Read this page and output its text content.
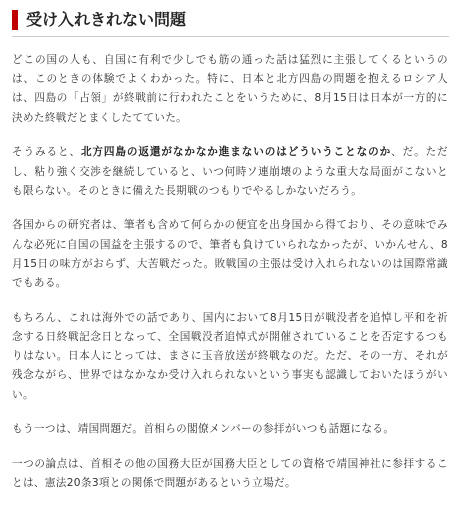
受け入れきれない問題

どこの国の人も、自国に有利で少しでも筋の通った話は猛烈に主張してくるというのは、このときの体験でよくわかった。特に、日本と北方四島の問題を抱えるロシア人は、四島の「占領」が終戦前に行われたことをいうために、8月15日は日本が一方的に決めた終戦だとまくしたてていた。

そうみると、北方四島の返還がなかなか進まないのはどういうことなのか、だ。ただし、粘り強く交渉を継続していると、いつ何時ソ連崩壊のような重大な局面がこないとも限らない。そのときに備えた長期戦のつもりでやるしかないだろう。

各国からの研究者は、筆者も含めて何らかの便宜を出身国から得ており、その意味でみんな必死に自国の国益を主張するので、筆者も負けていられなかったが、いかんせん、8月15日の味方がおらず、大苦戦だった。敗戦国の主張は受け入れられないのは国際常識でもある。

もちろん、これは海外での話であり、国内において8月15日が戦没者を追悼し平和を祈念する日終戦記念日となって、全国戦没者追悼式が開催されていることを否定するつもりはない。日本人にとっては、まさに玉音放送が終戦なのだ。ただ、その一方、それが残念ながら、世界ではなかなか受け入れられないという事実も認識しておいたほうがいい。

もう一つは、靖国問題だ。首相らの閣僚メンバーの参拝がいつも話題になる。

一つの論点は、首相その他の国務大臣が国務大臣としての資格で靖国神社に参拝することは、憲法20条3項との関係で問題があるという立場だ。
